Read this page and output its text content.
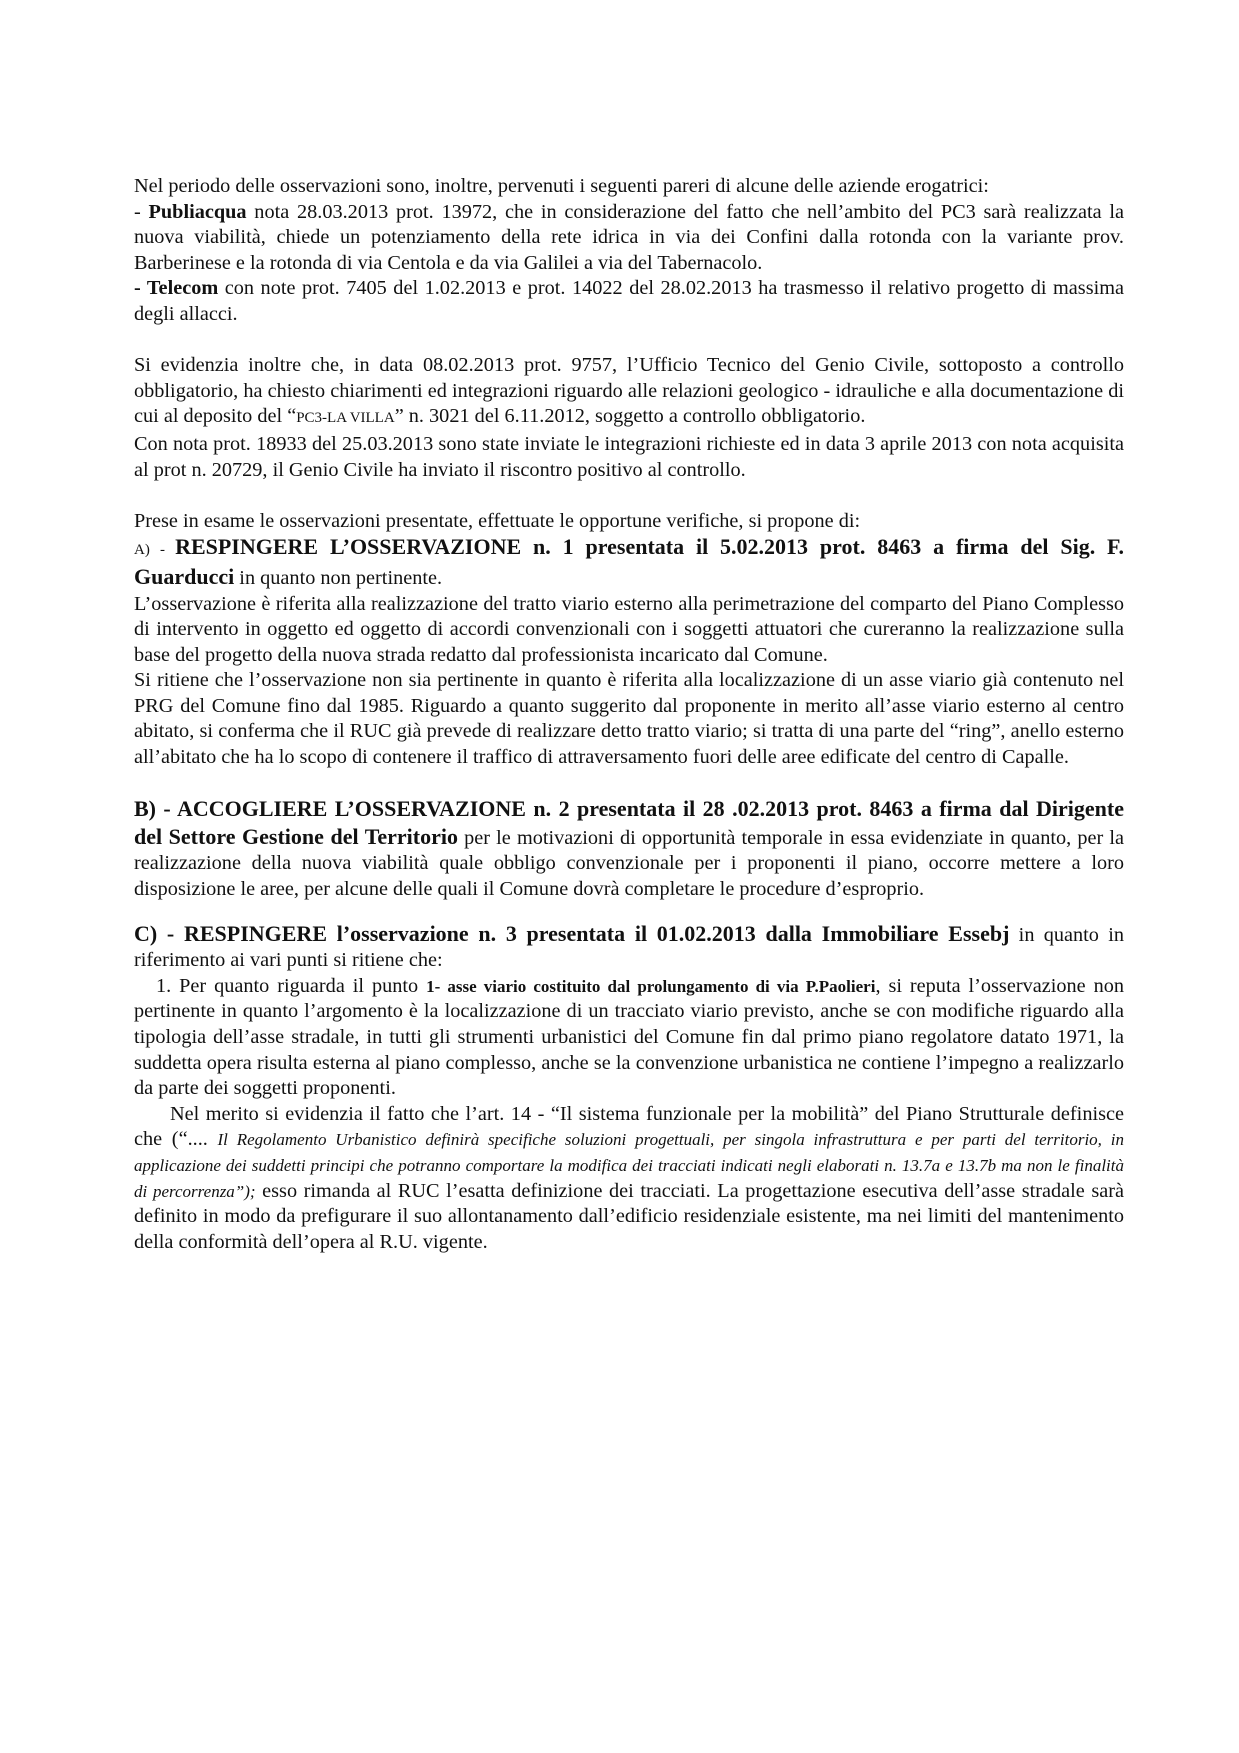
Nel periodo delle osservazioni sono, inoltre, pervenuti i seguenti pareri di alcune delle aziende erogatrici:
- Publiacqua nota 28.03.2013 prot. 13972, che in considerazione del fatto che nell’ambito del PC3 sarà realizzata la nuova viabilità, chiede un potenziamento della rete idrica in via dei Confini dalla rotonda con la variante prov. Barberinese e la rotonda di via Centola e da via Galilei a via del Tabernacolo.
- Telecom con note prot. 7405 del 1.02.2013 e prot. 14022 del 28.02.2013 ha trasmesso il relativo progetto di massima degli allacci.

Si evidenzia inoltre che, in data 08.02.2013 prot. 9757, l’Ufficio Tecnico del Genio Civile, sottoposto a controllo obbligatorio, ha chiesto chiarimenti ed integrazioni riguardo alle relazioni geologico - idrauliche e alla documentazione di cui al deposito del “PC3-LA VILLA” n. 3021 del 6.11.2012, soggetto a controllo obbligatorio.
Con nota prot. 18933 del 25.03.2013 sono state inviate le integrazioni richieste ed in data 3 aprile 2013 con nota acquisita al prot n. 20729, il Genio Civile ha inviato il riscontro positivo al controllo.

Prese in esame le osservazioni presentate, effettuate le opportune verifiche, si propone di:

A) - RESPINGERE L’OSSERVAZIONE n. 1 presentata il 5.02.2013 prot. 8463 a firma del Sig. F. Guarducci in quanto non pertinente.

L’osservazione è riferita alla realizzazione del tratto viario esterno alla perimetrazione del comparto del Piano Complesso di intervento in oggetto ed oggetto di accordi convenzionali con i soggetti attuatori che cureranno la realizzazione sulla base del progetto della nuova strada redatto dal professionista incaricato dal Comune.

Si ritiene che l’osservazione non sia pertinente in quanto è riferita alla localizzazione di un asse viario già contenuto nel PRG del Comune fino dal 1985. Riguardo a quanto suggerito dal proponente in merito all’asse viario esterno al centro abitato, si conferma che il RUC già prevede di realizzare detto tratto viario; si tratta di una parte del “ring”, anello esterno all’abitato che ha lo scopo di contenere il traffico di attraversamento fuori delle aree edificate del centro di Capalle.

B) - ACCOGLIERE L’OSSERVAZIONE n. 2 presentata il 28 .02.2013 prot. 8463 a firma dal Dirigente del Settore Gestione del Territorio per le motivazioni di opportunità temporale in essa evidenziate in quanto, per la realizzazione della nuova viabilità quale obbligo convenzionale per i proponenti il piano, occorre mettere a loro disposizione le aree, per alcune delle quali il Comune dovrà completare le procedure d’esproprio.

C) - RESPINGERE l’osservazione n. 3 presentata il 01.02.2013 dalla Immobiliare Essebj in quanto in riferimento ai vari punti si ritiene che:

1. Per quanto riguarda il punto 1- asse viario costituito dal prolungamento di via P.Paolieri, si reputa l’osservazione non pertinente in quanto l’argomento è la localizzazione di un tracciato viario previsto, anche se con modifiche riguardo alla tipologia dell’asse stradale, in tutti gli strumenti urbanistici del Comune fin dal primo piano regolatore datato 1971, la suddetta opera risulta esterna al piano complesso, anche se la convenzione urbanistica ne contiene l’impegno a realizzarlo da parte dei soggetti proponenti.

Nel merito si evidenzia il fatto che l’art. 14 - “Il sistema funzionale per la mobilità” del Piano Strutturale definisce che (“.... Il Regolamento Urbanistico definirà specifiche soluzioni progettuali, per singola infrastruttura e per parti del territorio, in applicazione dei suddetti principi che potranno comportare la modifica dei tracciati indicati negli elaborati n. 13.7a e 13.7b ma non le finalità di percorrenza”); esso rimanda al RUC l’esatta definizione dei tracciati. La progettazione esecutiva dell’asse stradale sarà definito in modo da prefigurare il suo allontanamento dall’edificio residenziale esistente, ma nei limiti del mantenimento della conformità dell’opera al R.U. vigente.
